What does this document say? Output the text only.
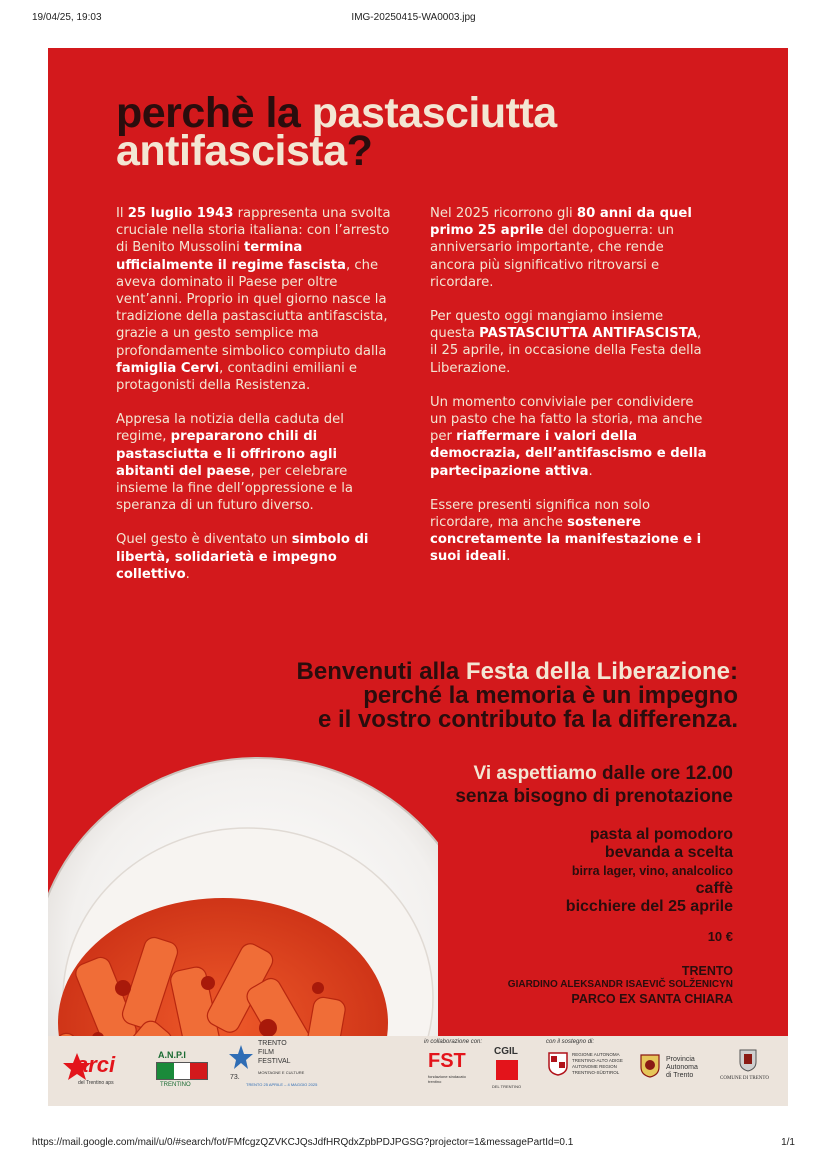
19/04/25, 19:03	IMG-20250415-WA0003.jpg
perchè la pastasciutta
antifascista?

Il 25 luglio 1943 rappresenta una svolta cruciale nella storia italiana: con l’arresto di Benito Mussolini termina ufficialmente il regime fascista, che aveva dominato il Paese per oltre vent’anni. Proprio in quel giorno nasce la tradizione della pastasciutta antifascista, grazie a un gesto semplice ma profondamente simbolico compiuto dalla famiglia Cervi, contadini emiliani e protagonisti della Resistenza.

Appresa la notizia della caduta del regime, prepararono chili di pastasciutta e li offrirono agli abitanti del paese, per celebrare insieme la fine dell’oppressione e la speranza di un futuro diverso.

Quel gesto è diventato un simbolo di libertà, solidarietà e impegno collettivo.

Nel 2025 ricorrono gli 80 anni da quel primo 25 aprile del dopoguerra: un anniversario importante, che rende ancora più significativo ritrovarsi e ricordare.

Per questo oggi mangiamo insieme questa PASTASCIUTTA ANTIFASCISTA, il 25 aprile, in occasione della Festa della Liberazione.

Un momento conviviale per condividere un pasto che ha fatto la storia, ma anche per riaffermare i valori della democrazia, dell’antifascismo e della partecipazione attiva.

Essere presenti significa non solo ricordare, ma anche sostenere concretamente la manifestazione e i suoi ideali.

Benvenuti alla Festa della Liberazione:
perché la memoria è un impegno
e il vostro contributo fa la differenza.
Vi aspettiamo dalle ore 12.00
senza bisogno di prenotazione
pasta al pomodoro
bevanda a scelta
birra lager, vino, analcolico
caffè
bicchiere del 25 aprile
10 €
TRENTO
GIARDINO ALEKSANDR ISAEVIČ SOLŽENICYN
PARCO EX SANTA CHIARA
in collaborazione con:	con il sostegno di:
arci
del Trentino aps
A.N.P.I
TRENTINO
TRENTO
FILM
FESTIVAL
73.
MONTAGNE E CULTURE
TRENTO 25 APRILE – 4 MAGGIO 2025
FST
fondazione sindacato trentino
CGIL
DEL TRENTINO
REGIONE AUTONOMA
TRENTINO-ALTO ADIGE
AUTONOME REGION
TRENTINO-SÜDTIROL
Provincia
Autonoma
di Trento	COMUNE DI TRENTO
https://mail.google.com/mail/u/0/#search/fot/FMfcgzQZVKCJQsJdfHRQdxZpbPDJPGSG?projector=1&messagePartId=0.1	1/1
